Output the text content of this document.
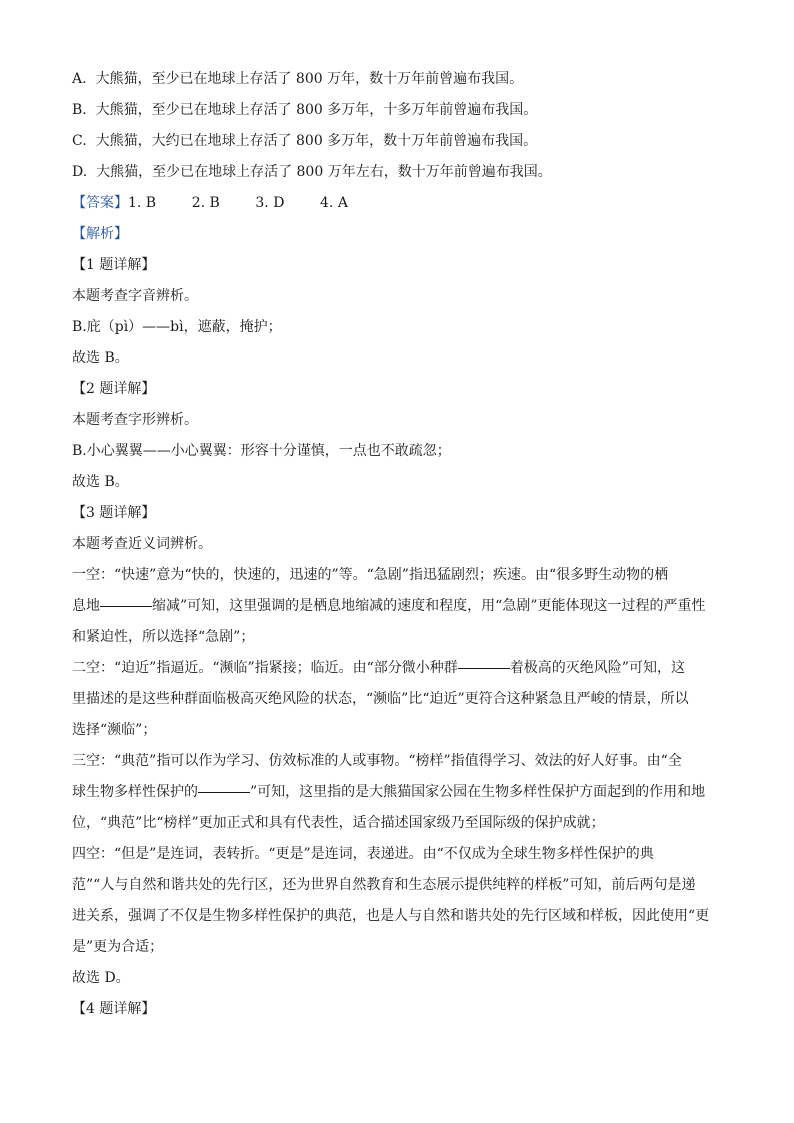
A.  大熊猫，至少已在地球上存活了 800 万年，数十万年前曾遍布我国。

B.  大熊猫，至少已在地球上存活了 800 多万年，十多万年前曾遍布我国。

C.  大熊猫，大约已在地球上存活了 800 多万年，数十万年前曾遍布我国。

D.  大熊猫，至少已在地球上存活了 800 万年左右，数十万年前曾遍布我国。

【答案】1. B        2. B        3. D        4. A

【解析】

【1 题详解】

本题考查字音辨析。

B.庇（pì）——bì，遮蔽，掩护；

故选 B。

【2 题详解】

本题考查字形辨析。

B.小心翼翼——小心翼翼：形容十分谨慎，一点也不敢疏忽；

故选 B。

【3 题详解】

本题考查近义词辨析。

一空：“快速”意为“快的，快速的，迅速的”等。“急剧”指迅猛剧烈；疾速。由“很多野生动物的栖

息地	缩减”可知，这里强调的是栖息地缩减的速度和程度，用“急剧”更能体现这一过程的严重性

和紧迫性，所以选择“急剧”；

二空：“迫近”指逼近。“濒临”指紧接；临近。由“部分微小种群	着极高的灭绝风险”可知，这

里描述的是这些种群面临极高灭绝风险的状态，“濒临”比“迫近”更符合这种紧急且严峻的情景，所以

选择“濒临”；

三空：“典范”指可以作为学习、仿效标准的人或事物。“榜样”指值得学习、效法的好人好事。由“全

球生物多样性保护的	”可知，这里指的是大熊猫国家公园在生物多样性保护方面起到的作用和地

位，“典范”比“榜样”更加正式和具有代表性，适合描述国家级乃至国际级的保护成就；

四空：“但是”是连词，表转折。“更是”是连词，表递进。由“不仅成为全球生物多样性保护的典

范”“人与自然和谐共处的先行区，还为世界自然教育和生态展示提供纯粹的样板”可知，前后两句是递

进关系，强调了不仅是生物多样性保护的典范，也是人与自然和谐共处的先行区域和样板，因此使用“更

是”更为合适；

故选 D。

【4 题详解】
